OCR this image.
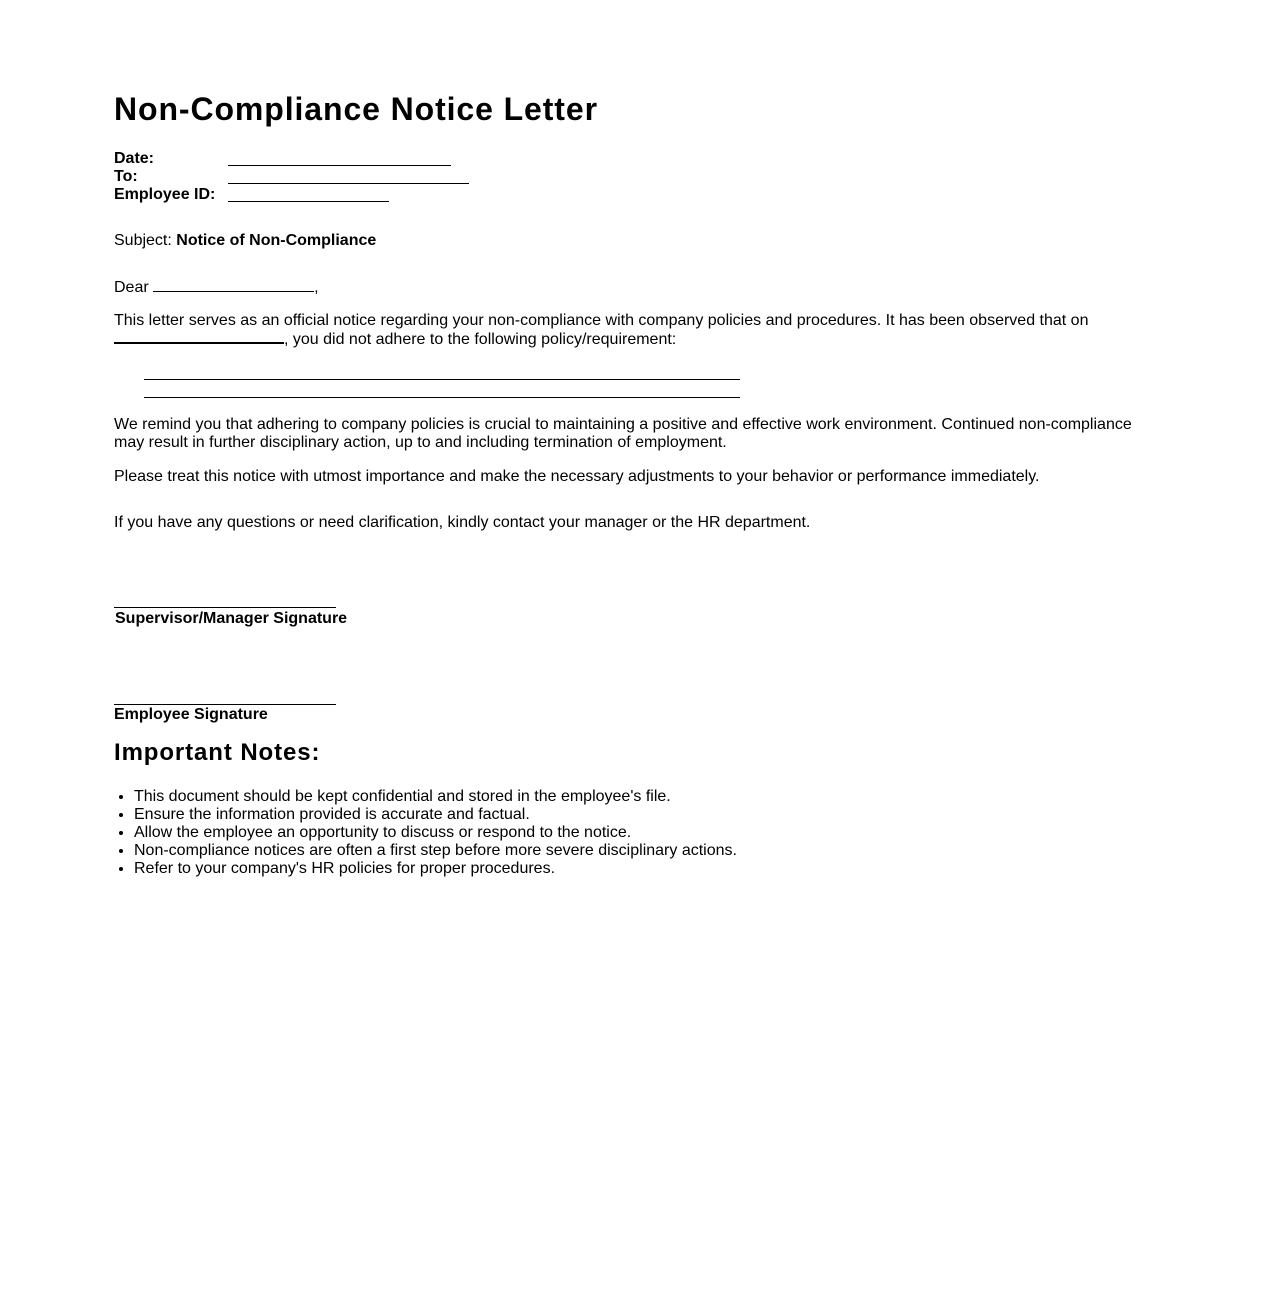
Non-Compliance Notice Letter
Date:
To:
Employee ID:
Subject: Notice of Non-Compliance
Dear	,

This letter serves as an official notice regarding your non-compliance with company policies and procedures. It has been observed that on
, you did not adhere to the following policy/requirement:

We remind you that adhering to company policies is crucial to maintaining a positive and effective work environment. Continued non-compliance may result in further disciplinary action, up to and including termination of employment.

Please treat this notice with utmost importance and make the necessary adjustments to your behavior or performance immediately.

If you have any questions or need clarification, kindly contact your manager or the HR department.

Supervisor/Manager Signature
Employee Signature
Important Notes:
• This document should be kept confidential and stored in the employee's file.
• Ensure the information provided is accurate and factual.
• Allow the employee an opportunity to discuss or respond to the notice.
• Non-compliance notices are often a first step before more severe disciplinary actions.
• Refer to your company's HR policies for proper procedures.
